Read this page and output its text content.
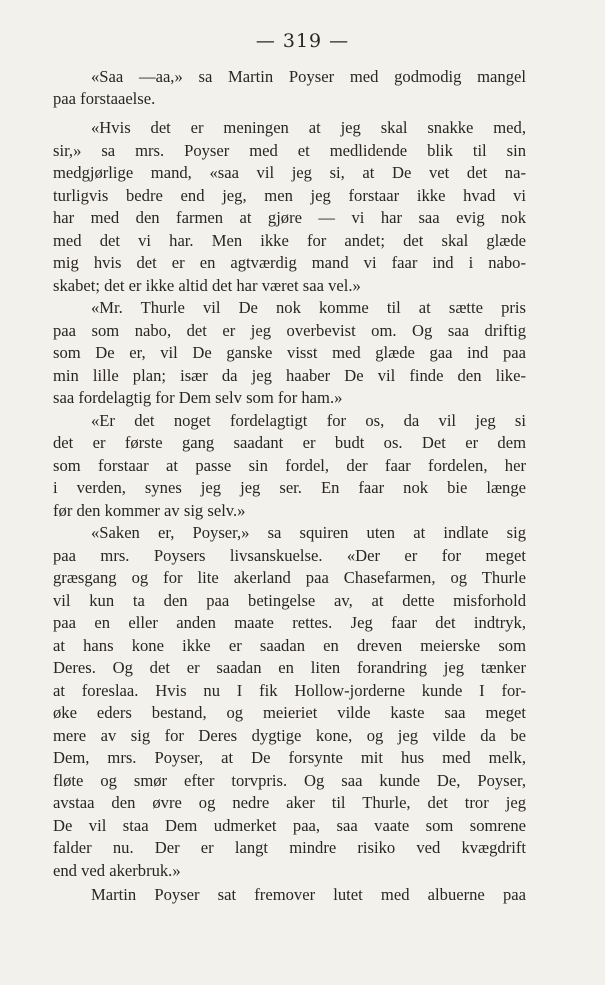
— 319 —
«Saa —aa,» sa Martin Poyser med godmodig mangel
paa forstaaelse.
«Hvis det er meningen at jeg skal snakke med,
sir,» sa mrs. Poyser med et medlidende blik til sin
medgjørlige mand, «saa vil jeg si, at De vet det na-
turligvis bedre end jeg, men jeg forstaar ikke hvad vi
har med den farmen at gjøre — vi har saa evig nok
med det vi har. Men ikke for andet; det skal glæde
mig hvis det er en agtværdig mand vi faar ind i nabo-
skabet; det er ikke altid det har været saa vel.»
«Mr. Thurle vil De nok komme til at sætte pris
paa som nabo, det er jeg overbevist om. Og saa driftig
som De er, vil De ganske visst med glæde gaa ind paa
min lille plan; især da jeg haaber De vil finde den like-
saa fordelagtig for Dem selv som for ham.»
«Er det noget fordelagtigt for os, da vil jeg si
det er første gang saadant er budt os. Det er dem
som forstaar at passe sin fordel, der faar fordelen, her
i verden, synes jeg jeg ser. En faar nok bie længe
før den kommer av sig selv.»
«Saken er, Poyser,» sa squiren uten at indlate sig
paa mrs. Poysers livsanskuelse. «Der er for meget
græsgang og for lite akerland paa Chasefarmen, og Thurle
vil kun ta den paa betingelse av, at dette misforhold
paa en eller anden maate rettes. Jeg faar det indtryk,
at hans kone ikke er saadan en dreven meierske som
Deres. Og det er saadan en liten forandring jeg tænker
at foreslaa. Hvis nu I fik Hollow-jorderne kunde I for-
øke eders bestand, og meieriet vilde kaste saa meget
mere av sig for Deres dygtige kone, og jeg vilde da be
Dem, mrs. Poyser, at De forsynte mit hus med melk,
fløte og smør efter torvpris. Og saa kunde De, Poyser,
avstaa den øvre og nedre aker til Thurle, det tror jeg
De vil staa Dem udmerket paa, saa vaate som somrene
falder nu. Der er langt mindre risiko ved kvægdrift
end ved akerbruk.»
Martin Poyser sat fremover lutet med albuerne paa
